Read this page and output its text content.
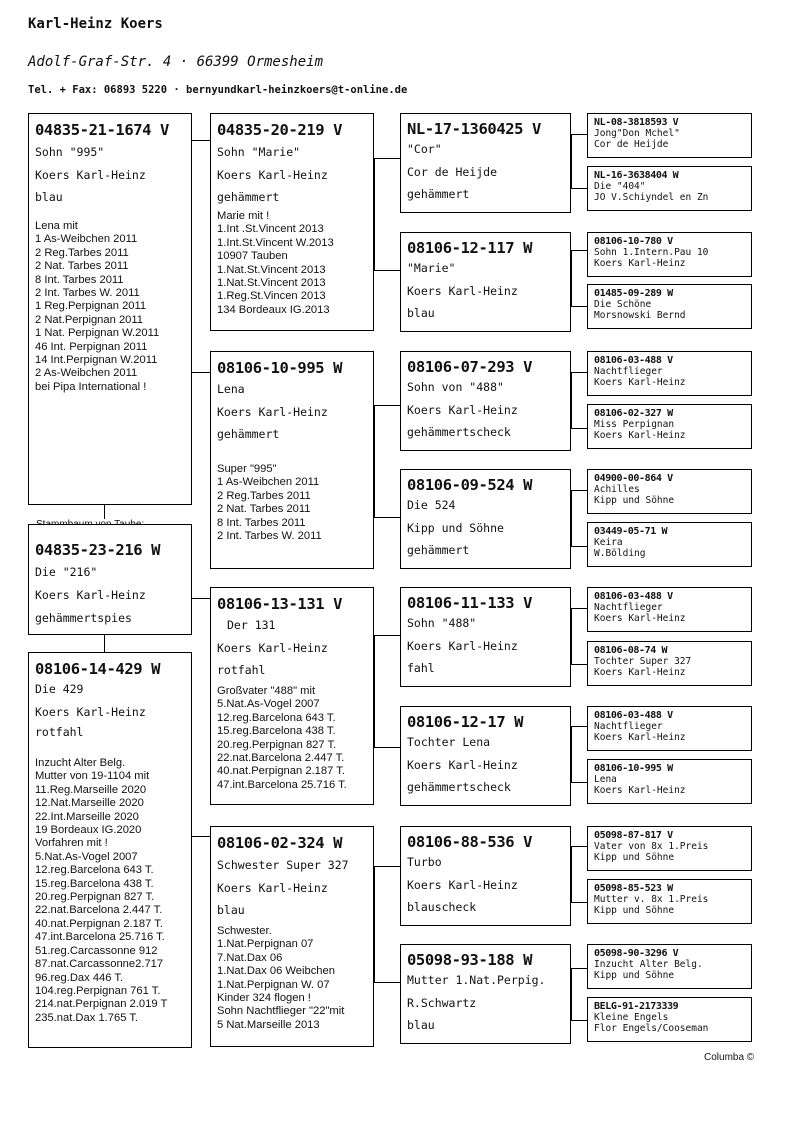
Karl-Heinz Koers
Adolf-Graf-Str. 4 · 66399 Ormesheim
Tel. + Fax: 06893 5220 · bernyundkarl-heinzkoers@t-online.de
04835-21-1674 V
Sohn "995"
Koers Karl-Heinz
blau
Lena mit
1 As-Weibchen 2011
2 Reg.Tarbes 2011
2 Nat. Tarbes 2011
8 Int. Tarbes 2011
2 Int. Tarbes W. 2011
1 Reg.Perpignan 2011
2 Nat.Perpignan 2011
1 Nat. Perpignan W.2011
46 Int. Perpignan 2011
14 Int.Perpignan W.2011
2 As-Weibchen 2011
bei Pipa International !
04835-23-216 W
Die "216"
Koers Karl-Heinz
gehämmertspies
08106-14-429 W
Die 429
Koers Karl-Heinz
rotfahl
Inzucht Alter Belg.
Mutter von 19-1104 mit
11.Reg.Marseille 2020
12.Nat.Marseille 2020
22.Int.Marseille 2020
19 Bordeaux IG.2020
Vorfahren mit !
5.Nat.As-Vogel 2007
12.reg.Barcelona 643 T.
15.reg.Barcelona 438 T.
20.reg.Perpignan 827 T.
22.nat.Barcelona 2.447 T.
40.nat.Perpignan 2.187 T.
47.int.Barcelona 25.716 T.
51.reg.Carcassonne 912
87.nat.Carcassonne2.717
96.reg.Dax 446 T.
104.reg.Perpignan 761 T.
214.nat.Perpignan 2.019 T
235.nat.Dax 1.765 T.
04835-20-219 V
Sohn "Marie"
Koers Karl-Heinz
gehämmert
Marie mit !
1.Int .St.Vincent 2013
1.Int.St.Vincent W.2013
10907 Tauben
1.Nat.St.Vincent 2013
1.Nat.St.Vincent 2013
1.Reg.St.Vincen 2013
134 Bordeaux IG.2013
08106-10-995 W
Lena
Koers Karl-Heinz
gehämmert
Super "995"
1 As-Weibchen 2011
2 Reg.Tarbes 2011
2 Nat. Tarbes 2011
8 Int. Tarbes 2011
2 Int. Tarbes W. 2011
08106-13-131 V
Der 131
Koers Karl-Heinz
rotfahl
Großvater "488" mit
5.Nat.As-Vogel 2007
12.reg.Barcelona 643 T.
15.reg.Barcelona 438 T.
20.reg.Perpignan 827 T.
22.nat.Barcelona 2.447 T.
40.nat.Perpignan 2.187 T.
47.int.Barcelona 25.716 T.
08106-02-324 W
Schwester Super 327
Koers Karl-Heinz
blau
Schwester.
1.Nat.Perpignan 07
7.Nat.Dax 06
1.Nat.Dax 06 Weibchen
1.Nat.Perpignan W. 07
Kinder 324 flogen !
Sohn Nachtflieger "22"mit
5 Nat.Marseille 2013
NL-17-1360425 V
"Cor"
Cor de Heijde
gehämmert
08106-12-117 W
"Marie"
Koers Karl-Heinz
blau
08106-07-293 V
Sohn von "488"
Koers Karl-Heinz
gehämmertscheck
08106-09-524 W
Die 524
Kipp und Söhne
gehämmert
08106-11-133 V
Sohn "488"
Koers Karl-Heinz
fahl
08106-12-17 W
Tochter Lena
Koers Karl-Heinz
gehämmertscheck
08106-88-536 V
Turbo
Koers Karl-Heinz
blauscheck
05098-93-188 W
Mutter 1.Nat.Perpig.
R.Schwartz
blau
NL-08-3818593 V
Jong"Don Mchel"
Cor de Heijde
NL-16-3638404 W
Die "404"
JO V.Schiyndel en Zn
08106-10-780 V
Sohn 1.Intern.Pau 10
Koers Karl-Heinz
01485-09-289 W
Die Schöne
Morsnowski Bernd
08106-03-488 V
Nachtflieger
Koers Karl-Heinz
08106-02-327 W
Miss Perpignan
Koers Karl-Heinz
04900-00-864 V
Achilles
Kipp und Söhne
03449-05-71 W
Keira
W.Bölding
08106-03-488 V
Nachtflieger
Koers Karl-Heinz
08106-08-74 W
Tochter Super 327
Koers Karl-Heinz
08106-03-488 V
Nachtflieger
Koers Karl-Heinz
08106-10-995 W
Lena
Koers Karl-Heinz
05098-87-817 V
Vater von 8x 1.Preis
Kipp und Söhne
05098-85-523 W
Mutter v. 8x 1.Preis
Kipp und Söhne
05098-90-3296 V
Inzucht Alter Belg.
Kipp und Söhne
BELG-91-2173339
Kleine Engels
Flor Engels/Cooseman
Columba ©
